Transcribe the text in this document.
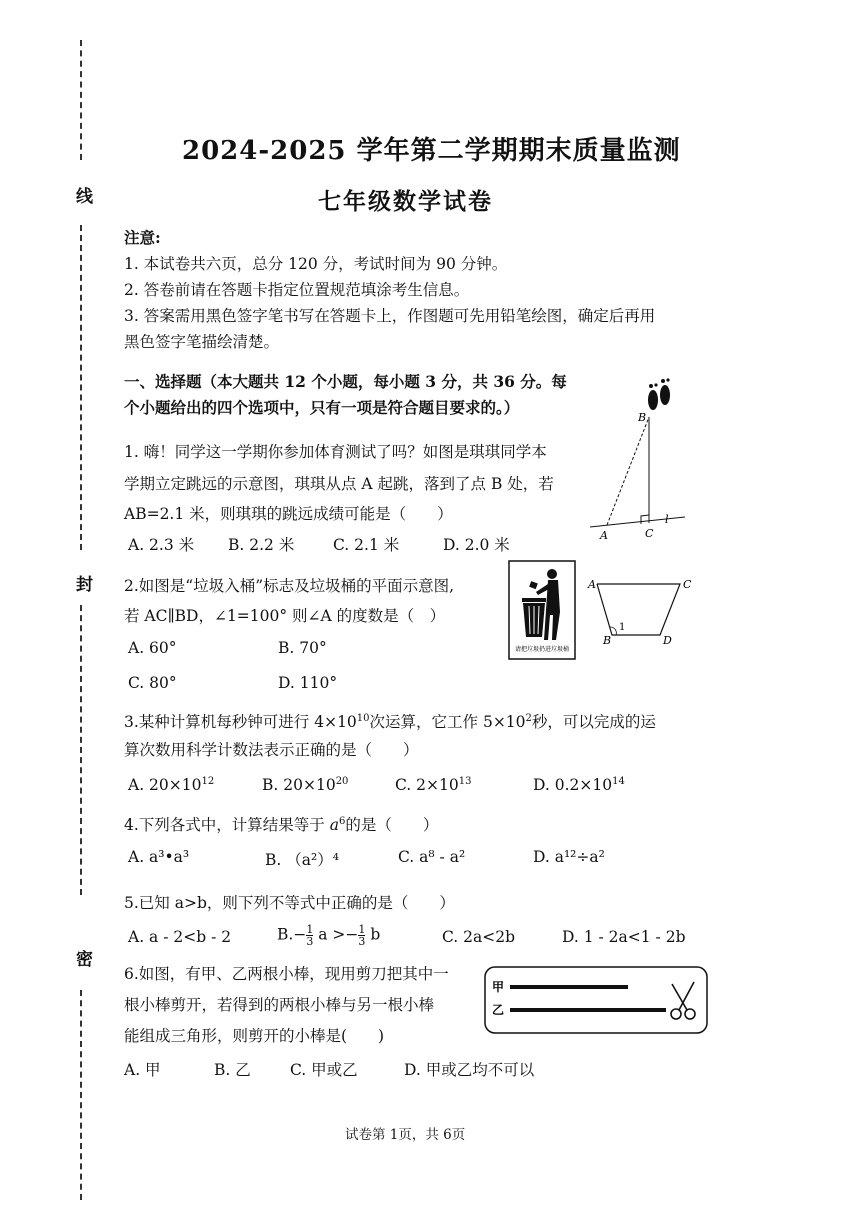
线
封
密
2024-2025 学年第二学期期末质量监测
七年级数学试卷
注意:
1. 本试卷共六页，总分 120 分，考试时间为 90 分钟。
2. 答卷前请在答题卡指定位置规范填涂考生信息。
3. 答案需用黑色签字笔书写在答题卡上，作图题可先用铅笔绘图，确定后再用
黑色签字笔描绘清楚。
一、选择题（本大题共 12 个小题，每小题 3 分，共 36 分。每
个小题给出的四个选项中，只有一项是符合题目要求的。）
1. 嗨！同学这一学期你参加体育测试了吗？如图是琪琪同学本
学期立定跳远的示意图，琪琪从点 A 起跳，落到了点 B 处，若
AB=2.1 米，则琪琪的跳远成绩可能是（　　）
A. 2.3 米 B. 2.2 米 C. 2.1 米	D. 2.0 米
B
A	C
l
2.如图是“垃圾入桶”标志及垃圾桶的平面示意图,
若 AC∥BD，∠1=100° 则∠A 的度数是（　）
A. 60°	B. 70°
C. 80°	D. 110°
请把垃圾扔进垃圾桶
A	C
B	D
1
3.某种计算机每秒钟可进行 $4\times 10^{10}$次运算，它工作 $5\times 10^2$秒，可以完成的运
算次数用科学计数法表示正确的是（　　）
A. $20\times 10^{12}$	B. $20\times 10^{20}$	C. $2\times 10^{13}$	D. $0.2\times 10^{14}$
4.下列各式中，计算结果等于 $a^6$的是（　　）
A. a³•a³	B. （a²）⁴	C. a⁸ - a²	D. a¹²÷a²
5.已知 a>b，则下列不等式中正确的是（　　）
A. a - 2<b - 2	$B.- \frac{1}{3}$ $a >- \frac{1}{3}$ b	C. 2a<2b	D. 1 - 2a<1 - 2b
6.如图，有甲、乙两根小棒，现用剪刀把其中一
根小棒剪开，若得到的两根小棒与另一根小棒
能组成三角形，则剪开的小棒是(　　)
A. 甲	B. 乙	C. 甲或乙	D. 甲或乙均不可以
甲
乙
试卷第 1页，共 6页
